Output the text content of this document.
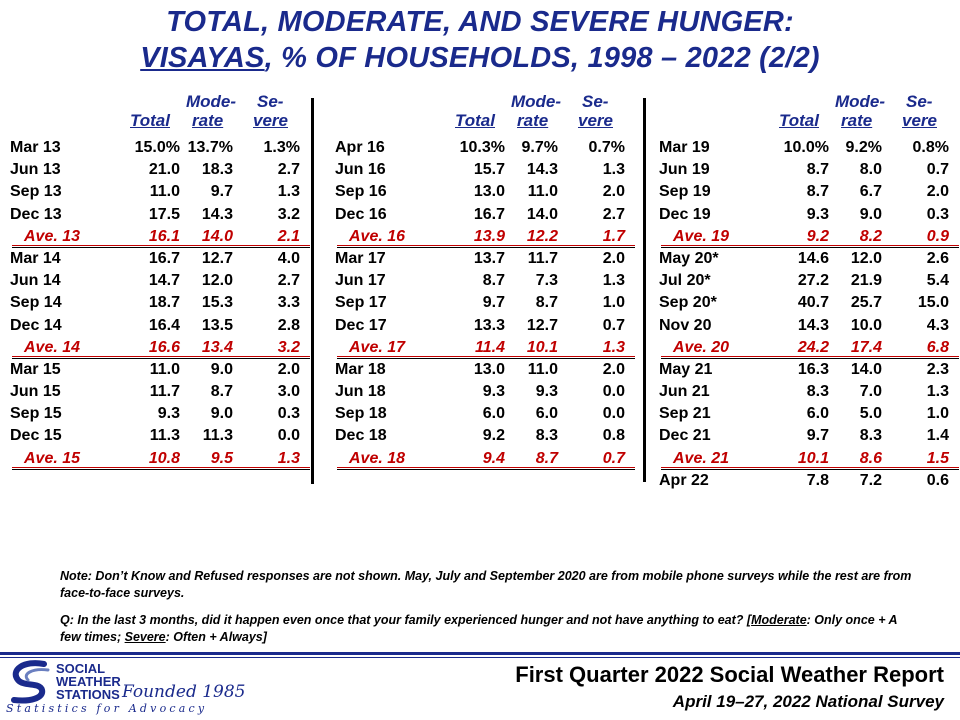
TOTAL, MODERATE, AND SEVERE HUNGER:
VISAYAS, % OF HOUSEHOLDS, 1998 – 2022 (2/2)
Mode- Se-
Total rate vere
Mar 13	15.0% 13.7%	1.3%
Jun 13	21.0	18.3	2.7
Sep 13	11.0	9.7	1.3
Dec 13	17.5	14.3	3.2
Ave. 13	16.1	14.0	2.1
Mar 14	16.7	12.7	4.0
Jun 14	14.7	12.0	2.7
Sep 14	18.7	15.3	3.3
Dec 14	16.4	13.5	2.8
Ave. 14	16.6	13.4	3.2
Mar 15	11.0	9.0	2.0
Jun 15	11.7	8.7	3.0
Sep 15	9.3	9.0	0.3
Dec 15	11.3	11.3	0.0
Ave. 15	10.8	9.5	1.3
Mode- Se-
Total rate vere
Apr 16	10.3%	9.7%	0.7%
Jun 16	15.7	14.3	1.3
Sep 16	13.0	11.0	2.0
Dec 16	16.7	14.0	2.7
Ave. 16	13.9	12.2	1.7
Mar 17	13.7	11.7	2.0
Jun 17	8.7	7.3	1.3
Sep 17	9.7	8.7	1.0
Dec 17	13.3	12.7	0.7
Ave. 17	11.4	10.1	1.3
Mar 18	13.0	11.0	2.0
Jun 18	9.3	9.3	0.0
Sep 18	6.0	6.0	0.0
Dec 18	9.2	8.3	0.8
Ave. 18	9.4	8.7	0.7
Mode- Se-
Total rate vere
Mar 19	10.0%	9.2%	0.8%
Jun 19	8.7	8.0	0.7
Sep 19	8.7	6.7	2.0
Dec 19	9.3	9.0	0.3
Ave. 19	9.2	8.2	0.9
May 20*	14.6	12.0	2.6
Jul 20*	27.2	21.9	5.4
Sep 20*	40.7	25.7	15.0
Nov 20	14.3	10.0	4.3
Ave. 20	24.2	17.4	6.8
May 21	16.3	14.0	2.3
Jun 21	8.3	7.0	1.3
Sep 21	6.0	5.0	1.0
Dec 21	9.7	8.3	1.4
Ave. 21	10.1	8.6	1.5
Apr 22	7.8	7.2	0.6
Note: Don’t Know and Refused responses are not shown. May, July and September 2020 are from mobile phone surveys while the rest are from face-to-face surveys.
Q: In the last 3 months, did it happen even once that your family experienced hunger and not have anything to eat? [Moderate: Only once + A few times; Severe: Often + Always]
SOCIAL
WEATHER
STATIONS Founded 1985
Statistics for Advocacy
First Quarter 2022 Social Weather Report
April 19–27, 2022 National Survey
